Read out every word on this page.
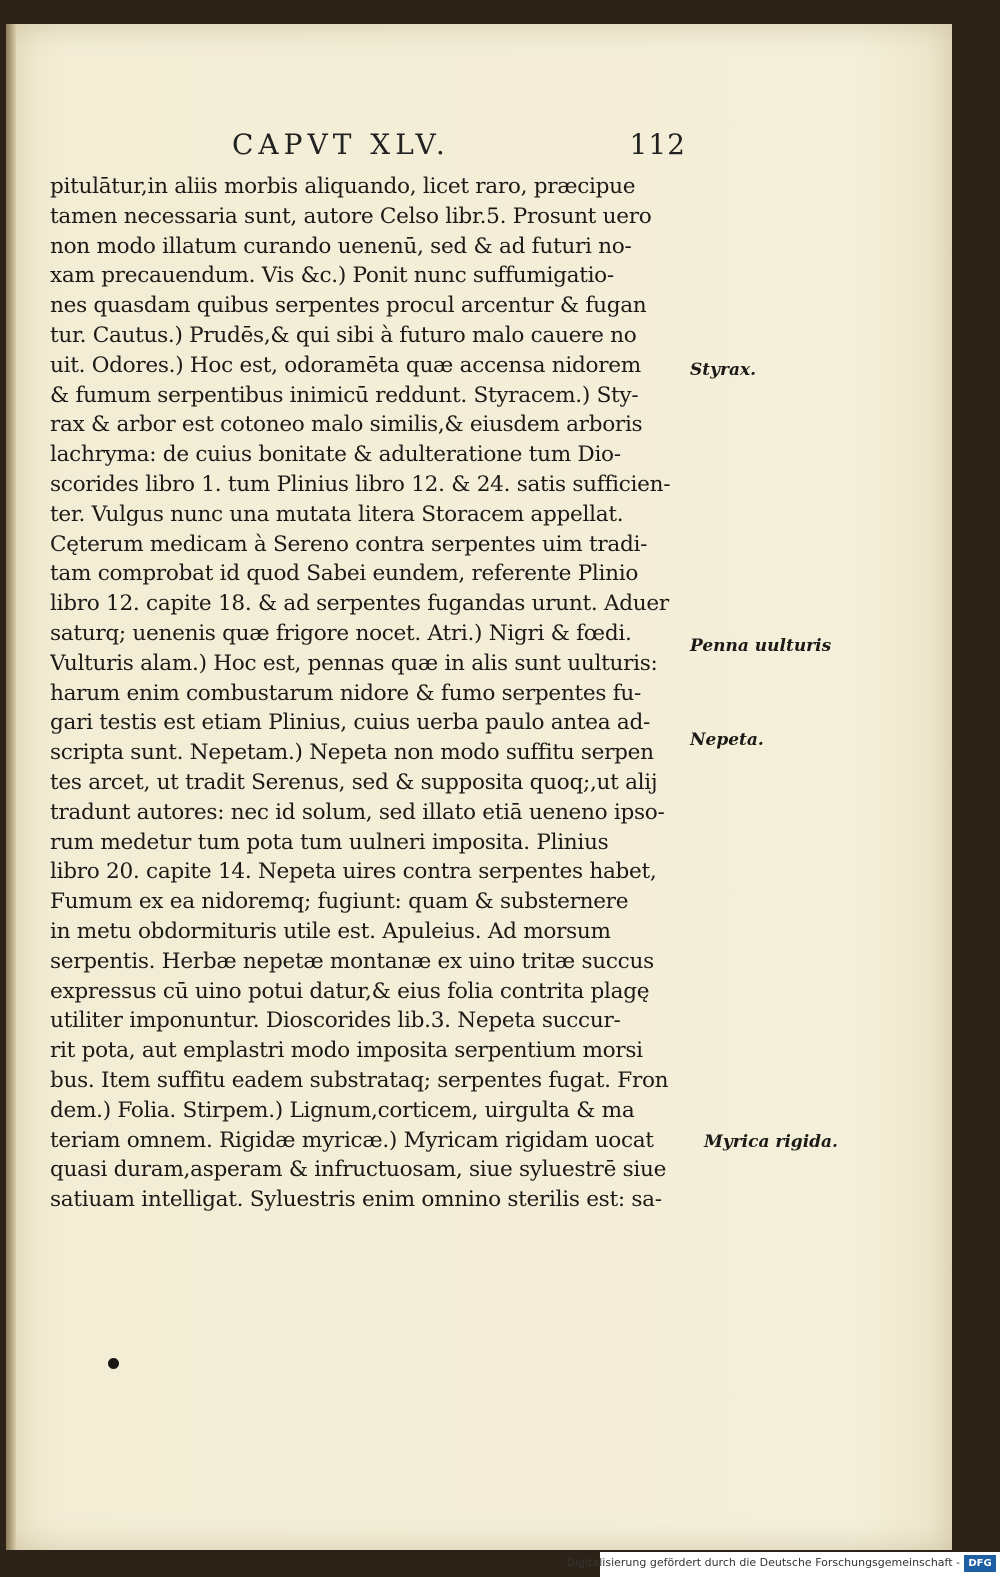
CAPVT XLV.	112
pitulātur,in aliis morbis aliquando, licet raro, præcipue
tamen necessaria sunt, autore Celso libr.5. Prosunt uero
non modo illatum curando uenenū, sed & ad futuri no-
xam precauendum. Vis &c.) Ponit nunc suffumigatio-
nes quasdam quibus serpentes procul arcentur & fugan
tur. Cautus.) Prudēs,& qui sibi à futuro malo cauere no
uit. Odores.) Hoc est, odoramēta quæ accensa nidorem
& fumum serpentibus inimicū reddunt. Styracem.) Sty-
rax & arbor est cotoneo malo similis,& eiusdem arboris
lachryma: de cuius bonitate & adulteratione tum Dio-
scorides libro 1. tum Plinius libro 12. & 24. satis sufficien-
ter. Vulgus nunc una mutata litera Storacem appellat.
Cęterum medicam à Sereno contra serpentes uim tradi-
tam comprobat id quod Sabei eundem, referente Plinio
libro 12. capite 18. & ad serpentes fugandas urunt. Aduer
saturq; uenenis quæ frigore nocet. Atri.) Nigri & fœdi.
Vulturis alam.) Hoc est, pennas quæ in alis sunt uulturis:
harum enim combustarum nidore & fumo serpentes fu-
gari testis est etiam Plinius, cuius uerba paulo antea ad-
scripta sunt. Nepetam.) Nepeta non modo suffitu serpen
tes arcet, ut tradit Serenus, sed & supposita quoq;,ut alij
tradunt autores: nec id solum, sed illato etiā ueneno ipso-
rum medetur tum pota tum uulneri imposita. Plinius
libro 20. capite 14. Nepeta uires contra serpentes habet,
Fumum ex ea nidoremq; fugiunt: quam & substernere
in metu obdormituris utile est. Apuleius. Ad morsum
serpentis. Herbæ nepetæ montanæ ex uino tritæ succus
expressus cū uino potui datur,& eius folia contrita plagę
utiliter imponuntur. Dioscorides lib.3. Nepeta succur-
rit pota, aut emplastri modo imposita serpentium morsi
bus. Item suffitu eadem substrataq; serpentes fugat. Fron
dem.) Folia. Stirpem.) Lignum,corticem, uirgulta & ma
teriam omnem. Rigidæ myricæ.) Myricam rigidam uocat
quasi duram,asperam & infructuosam, siue syluestrē siue
satiuam intelligat. Syluestris enim omnino sterilis est: sa-
Styrax.
Penna uulturis
Nepeta.
Myrica rigida.
Digitalisierung gefördert durch die Deutsche Forschungsgemeinschaft - DFG
